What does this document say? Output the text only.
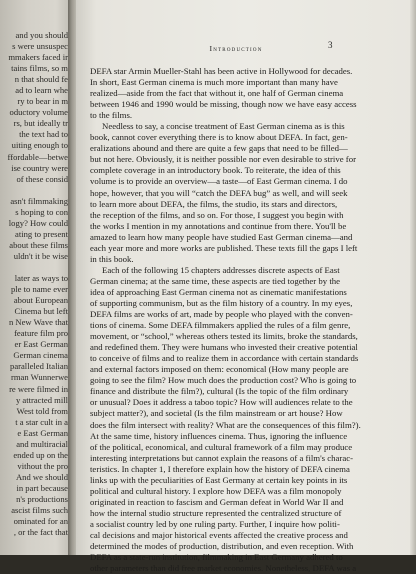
and you should
s were unsuspec
mmakers faced ir
tains films, so m
n that should fe
ad to learn whe
ry to bear in m
oductory volume
rs, but ideally tr
the text had to
uiting enough to
ffordable—betwe
ise country were
of these consid
asn't filmmaking
s hoping to con
logy? How could
ating to present
about these films
uldn't it be wise
later as ways to
ple to name ever
about European
Cinema but left
n New Wave that
feature film pro
er East German
German cinema
paralleled Italian
rman Wunnerwe
re were filmed in
y attracted mill
West told from
t a star cult in a
e East German
and multiracial
ended up on the
vithout the pro
And we should
in part because
n's productions
ascist films such
ominated for an
, or the fact that
Introduction	3
DEFA star Armin Mueller-Stahl has been active in Hollywood for decades.
In short, East German cinema is much more important than many have
realized—aside from the fact that without it, one half of German cinema
between 1946 and 1990 would be missing, though now we have easy access
to the films.
Needless to say, a concise treatment of East German cinema as is this
book, cannot cover everything there is to know about DEFA. In fact, gen-
eralizations abound and there are quite a few gaps that need to be filled—
but not here. Obviously, it is neither possible nor even desirable to strive for
complete coverage in an introductory book. To reiterate, the idea of this
volume is to provide an overview—a taste—of East German cinema. I do
hope, however, that you will “catch the DEFA bug” as well, and will seek
to learn more about DEFA, the films, the studio, its stars and directors,
the reception of the films, and so on. For those, I suggest you begin with
the works I mention in my annotations and continue from there. You'll be
amazed to learn how many people have studied East German cinema—and
each year more and more works are published. These texts fill the gaps I left
in this book.
Each of the following 15 chapters addresses discrete aspects of East
German cinema; at the same time, these aspects are tied together by the
idea of approaching East German cinema not as cinematic manifestations
of supporting communism, but as the film history of a country. In my eyes,
DEFA films are works of art, made by people who played with the conven-
tions of cinema. Some DEFA filmmakers applied the rules of a film genre,
movement, or “school,” whereas others tested its limits, broke the standards,
and redefined them. They were humans who invested their creative potential
to conceive of films and to realize them in accordance with certain standards
and external factors imposed on them: economical (How many people are
going to see the film? How much does the production cost? Who is going to
finance and distribute the film?), cultural (Is the topic of the film ordinary
or unusual? Does it address a taboo topic? How will audiences relate to the
subject matter?), and societal (Is the film mainstream or art house? How
does the film intersect with reality? What are the consequences of this film?).
At the same time, history influences cinema. Thus, ignoring the influence
of the political, economical, and cultural framework of a film may produce
interesting interpretations but cannot explain the reasons of a film's charac-
teristics. In chapter 1, I therefore explain how the history of DEFA cinema
links up with the peculiarities of East Germany at certain key points in its
political and cultural history. I explore how DEFA was a film monopoly
originated in reaction to fascism and German defeat in World War II and
how the internal studio structure represented the centralized structure of
a socialist country led by one ruling party. Further, I inquire how politi-
cal decisions and major historical events affected the creative process and
determined the modes of production, distribution, and even reception. With
DEFA as a state-run institution, filmmaking in East Germany adhered to
other parameters than did free market economies. Nonetheless, DEFA was a
